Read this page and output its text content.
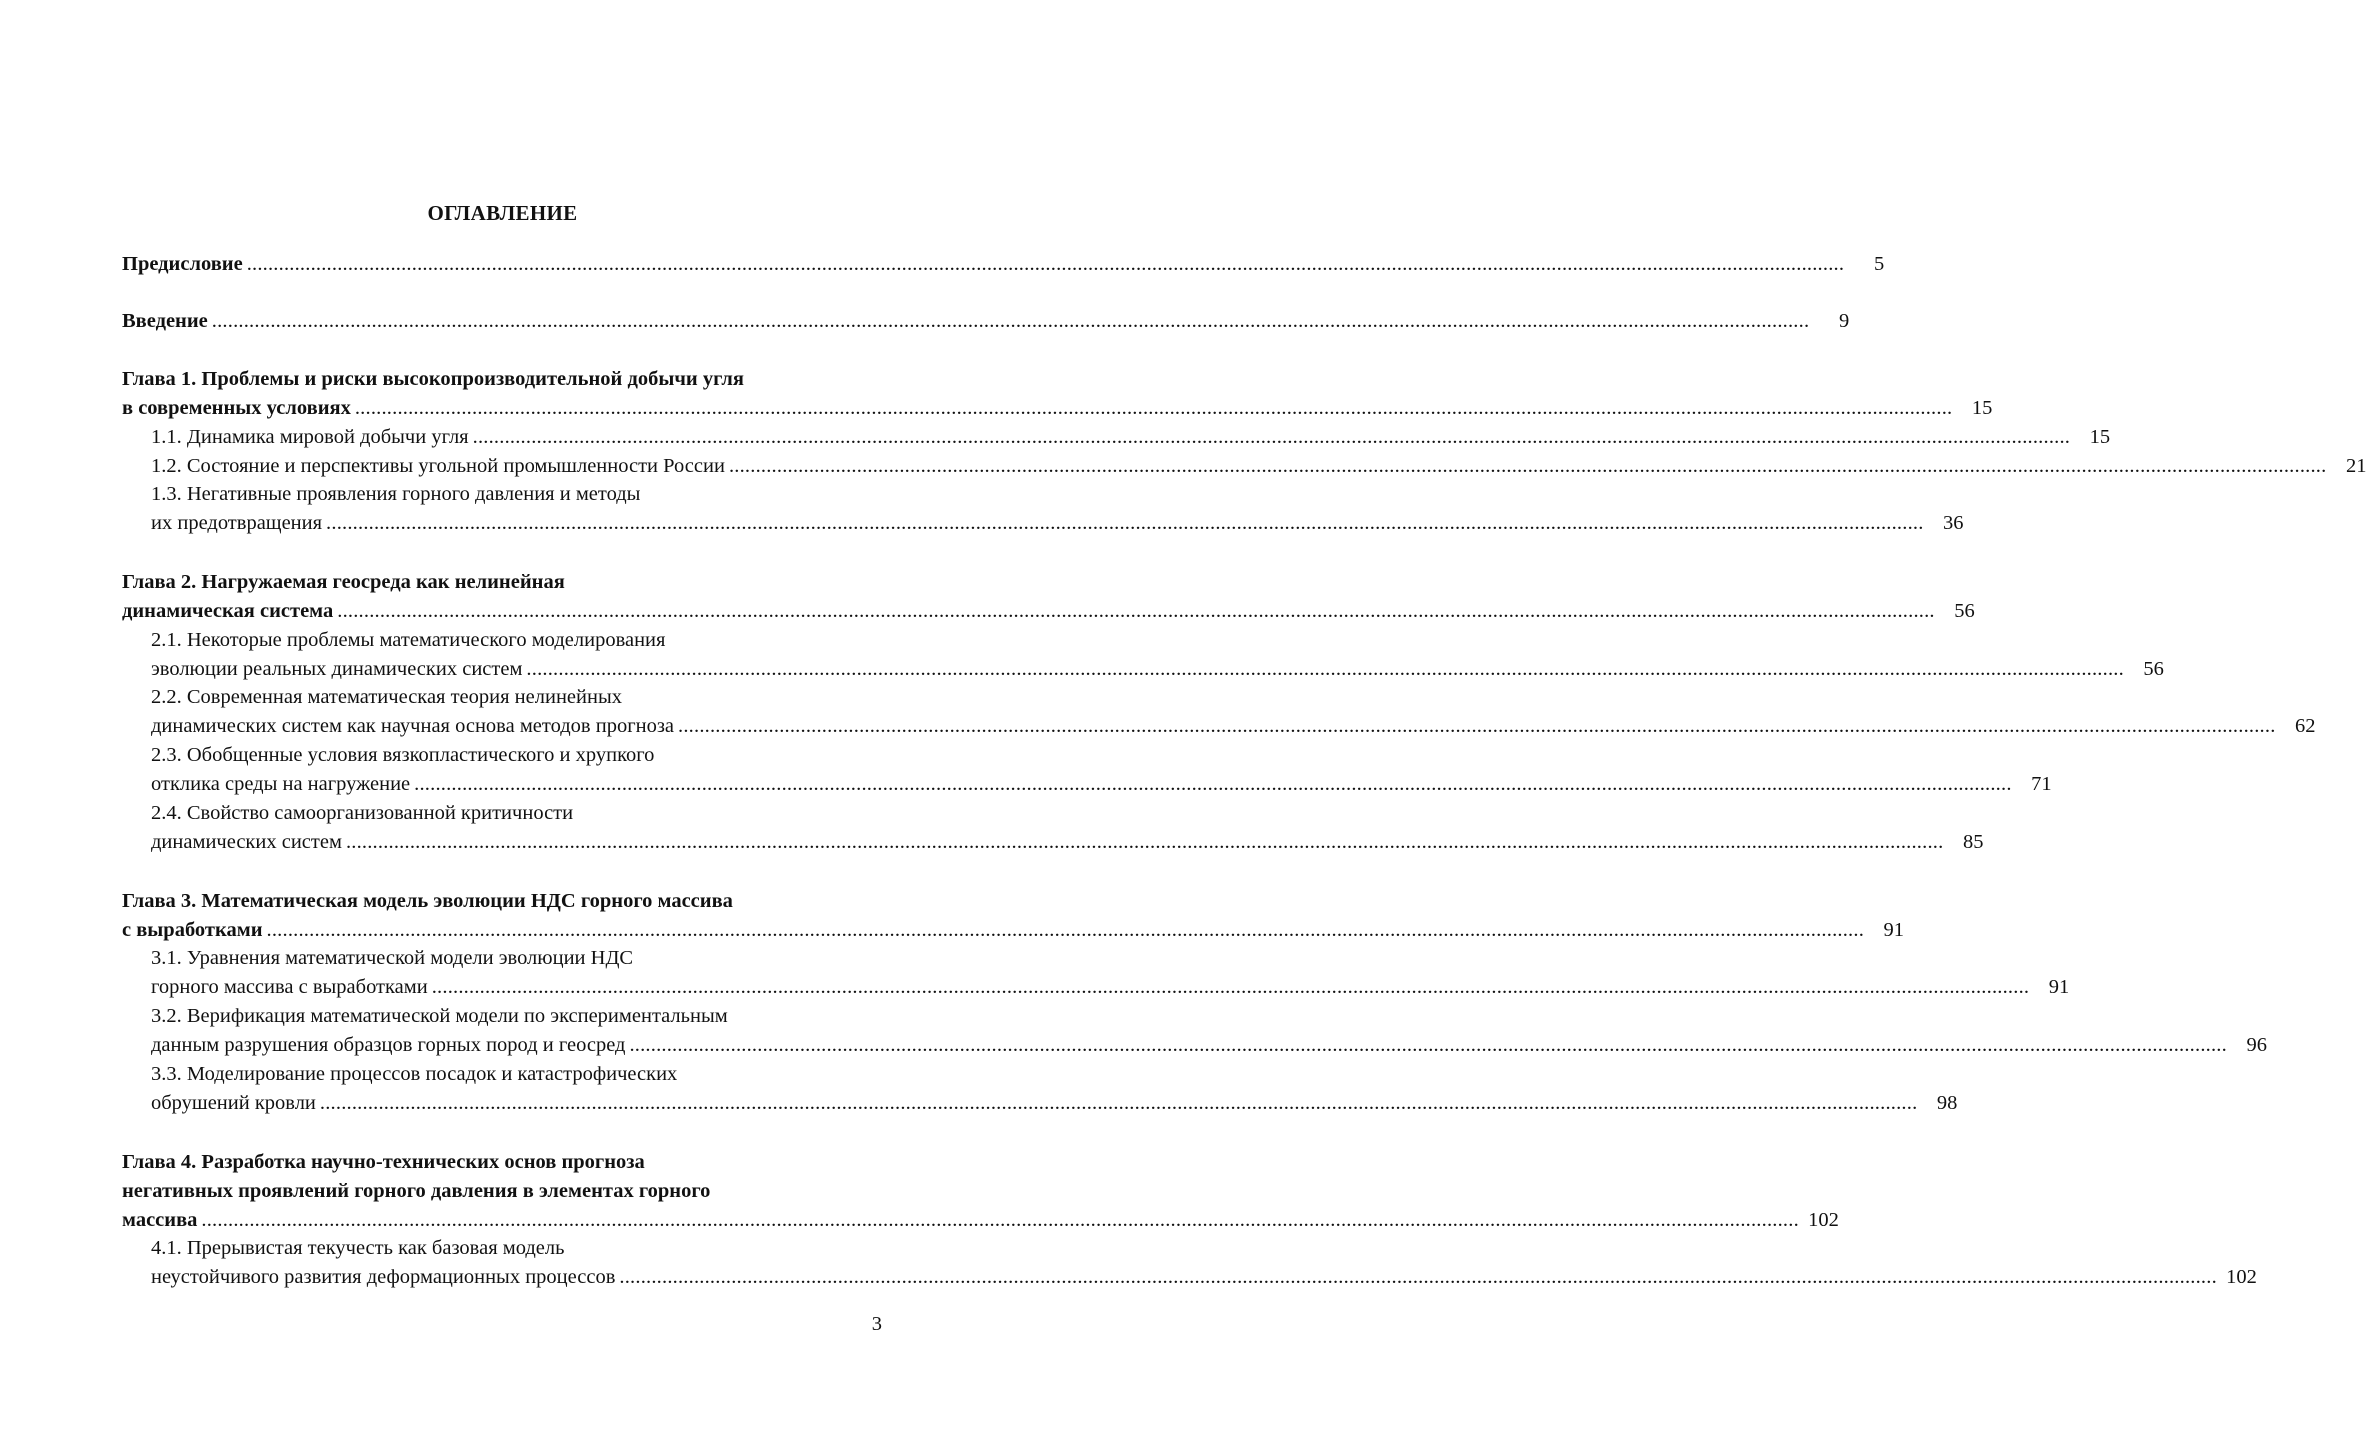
ОГЛАВЛЕНИЕ
Предисловие ............................................................................................................................................................................................................................................................................................................	5
Введение ............................................................................................................................................................................................................................................................................................................	9
Глава 1. Проблемы и риски высокопроизводительной добычи угля
в современных условиях ............................................................................................................................................................................................................................................................................................................ 15
1.1. Динамика мировой добычи угля ............................................................................................................................................................................................................................................................................................................ 15
1.2. Состояние и перспективы угольной промышленности России ............................................................................................................................................................................................................................................................................................................ 21
1.3. Негативные проявления горного давления и методы
их предотвращения ............................................................................................................................................................................................................................................................................................................ 36
Глава 2. Нагружаемая геосреда как нелинейная
динамическая система ............................................................................................................................................................................................................................................................................................................ 56
2.1. Некоторые проблемы математического моделирования
эволюции реальных динамических систем ............................................................................................................................................................................................................................................................................................................ 56
2.2. Современная математическая теория нелинейных
динамических систем как научная основа методов прогноза ............................................................................................................................................................................................................................................................................................................ 62
2.3. Обобщенные условия вязкопластического и хрупкого
отклика среды на нагружение ............................................................................................................................................................................................................................................................................................................ 71
2.4. Свойство самоорганизованной критичности
динамических систем ............................................................................................................................................................................................................................................................................................................ 85
Глава 3. Математическая модель эволюции НДС горного массива
с выработками ............................................................................................................................................................................................................................................................................................................ 91
3.1. Уравнения математической модели эволюции НДС
горного массива с выработками ............................................................................................................................................................................................................................................................................................................ 91
3.2. Верификация математической модели по экспериментальным
данным разрушения образцов горных пород и геосред ............................................................................................................................................................................................................................................................................................................ 96
3.3. Моделирование процессов посадок и катастрофических
обрушений кровли ............................................................................................................................................................................................................................................................................................................ 98
Глава 4. Разработка научно-технических основ прогноза
негативных проявлений горного давления в элементах горного
массива ............................................................................................................................................................................................................................................................................................................ 102
4.1. Прерывистая текучесть как базовая модель
неустойчивого развития деформационных процессов ............................................................................................................................................................................................................................................................................................................ 102
3
